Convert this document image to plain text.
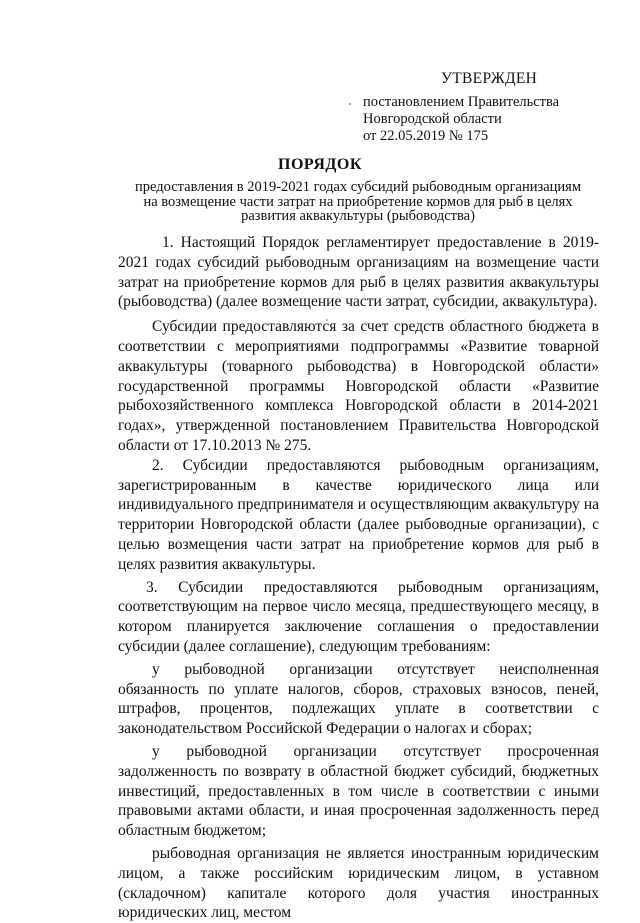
УТВЕРЖДЕН
постановлением Правительства
Новгородской области
от 22.05.2019 № 175
ПОРЯДОК
предоставления в 2019-2021 годах субсидий рыбоводным организациям
на возмещение части затрат на приобретение кормов для рыб в целях
развития аквакультуры (рыбоводства)

1. Настоящий Порядок регламентирует предоставление в 2019-2021 годах субсидий рыбоводным организациям на возмещение части затрат на приобретение кормов для рыб в целях развития аквакультуры (рыбоводства) (далее возмещение части затрат, субсидии, аквакультура).

Субсидии предоставляются за счет средств областного бюджета в соответствии с мероприятиями подпрограммы «Развитие товарной аквакультуры (товарного рыбоводства) в Новгородской области» государственной программы Новгородской области «Развитие рыбохозяйственного комплекса Новгородской области в 2014-2021 годах», утвержденной постановлением Правительства Новгородской области от 17.10.2013 № 275.

2. Субсидии предоставляются рыбоводным организациям, зарегистрированным в качестве юридического лица или индивидуального предпринимателя и осуществляющим аквакультуру на территории Новгородской области (далее рыбоводные организации), с целью возмещения части затрат на приобретение кормов для рыб в целях развития аквакультуры.

3. Субсидии предоставляются рыбоводным организациям, соответствующим на первое число месяца, предшествующего месяцу, в котором планируется заключение соглашения о предоставлении субсидии (далее соглашение), следующим требованиям:

у рыбоводной организации отсутствует неисполненная обязанность по уплате налогов, сборов, страховых взносов, пеней, штрафов, процентов, подлежащих уплате в соответствии с законодательством Российской Федерации о налогах и сборах;

у рыбоводной организации отсутствует просроченная задолженность по возврату в областной бюджет субсидий, бюджетных инвестиций, предоставленных в том числе в соответствии с иными правовыми актами области, и иная просроченная задолженность перед областным бюджетом;

рыбоводная организация не является иностранным юридическим лицом, а также российским юридическим лицом, в уставном (складочном) капитале которого доля участия иностранных юридических лиц, местом
